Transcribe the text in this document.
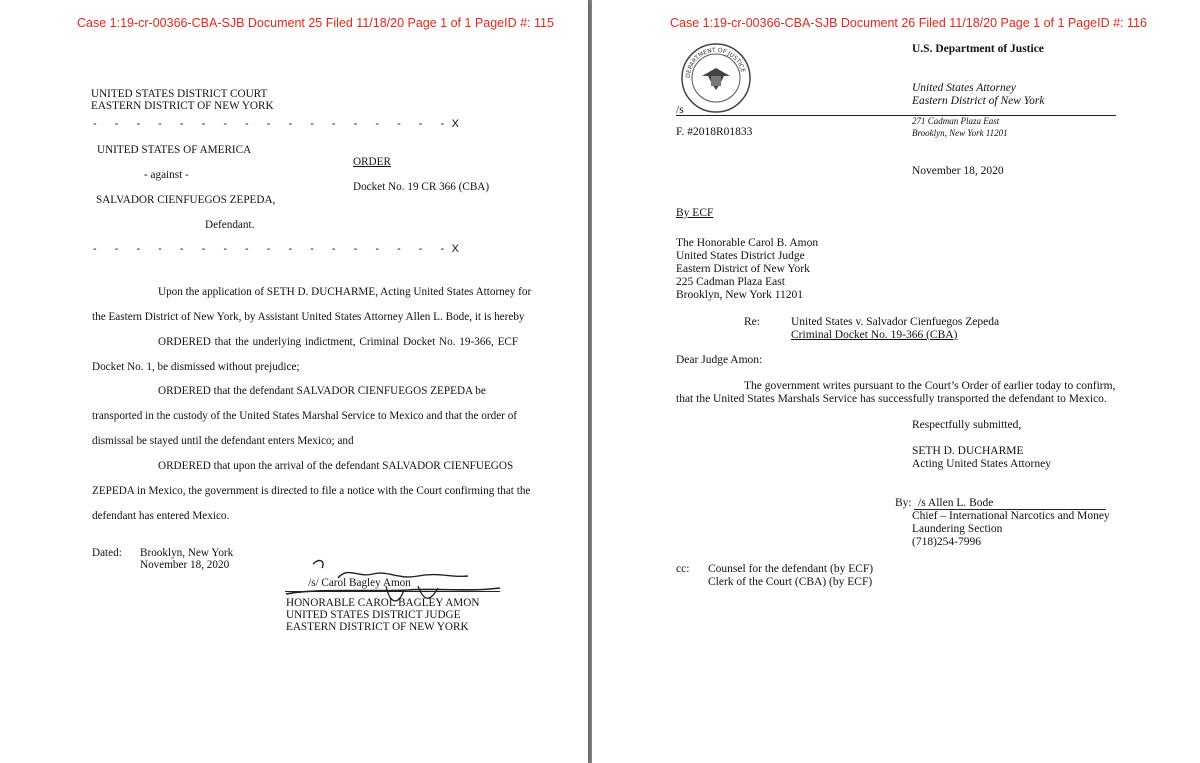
Case 1:19-cr-00366-CBA-SJB Document 25 Filed 11/18/20 Page 1 of 1 PageID #: 115
UNITED STATES DISTRICT COURT
EASTERN DISTRICT OF NEW YORK
- - - - - - - - - - - - - - - - -X
UNITED STATES OF AMERICA
- against -
SALVADOR CIENFUEGOS ZEPEDA,
Defendant.
- - - - - - - - - - - - - - - - -X
ORDER
Docket No. 19 CR 366 (CBA)
Upon the application of SETH D. DUCHARME, Acting United States Attorney for
the Eastern District of New York, by Assistant United States Attorney Allen L. Bode, it is hereby
ORDERED that the underlying indictment, Criminal Docket No. 19-366, ECF
Docket No. 1, be dismissed without prejudice;
ORDERED that the defendant SALVADOR CIENFUEGOS ZEPEDA be
transported in the custody of the United States Marshal Service to Mexico and that the order of
dismissal be stayed until the defendant enters Mexico; and
ORDERED that upon the arrival of the defendant SALVADOR CIENFUEGOS
ZEPEDA in Mexico, the government is directed to file a notice with the Court confirming that the
defendant has entered Mexico.
Dated: Brooklyn, New York
November 18, 2020
/s/ Carol Bagley Amon
HONORABLE CAROL BAGLEY AMON
UNITED STATES DISTRICT JUDGE
EASTERN DISTRICT OF NEW YORK
Case 1:19-cr-00366-CBA-SJB Document 26 Filed 11/18/20 Page 1 of 1 PageID #: 116
DEPARTMENT OF JUSTICE
U.S. Department of Justice
United States Attorney
Eastern District of New York
/s
F. #2018R01833
271 Cadman Plaza East
Brooklyn, New York 11201
November 18, 2020
By ECF
The Honorable Carol B. Amon
United States District Judge
Eastern District of New York
225 Cadman Plaza East
Brooklyn, New York 11201
Re:	United States v. Salvador Cienfuegos Zepeda
Criminal Docket No. 19-366 (CBA)
Dear Judge Amon:
The government writes pursuant to the Court’s Order of earlier today to confirm,
that the United States Marshals Service has successfully transported the defendant to Mexico.
Respectfully submitted,
SETH D. DUCHARME
Acting United States Attorney
By: /s Allen L. Bode
Chief – International Narcotics and Money
Laundering Section
(718)254-7996
cc: Counsel for the defendant (by ECF)
Clerk of the Court (CBA) (by ECF)
